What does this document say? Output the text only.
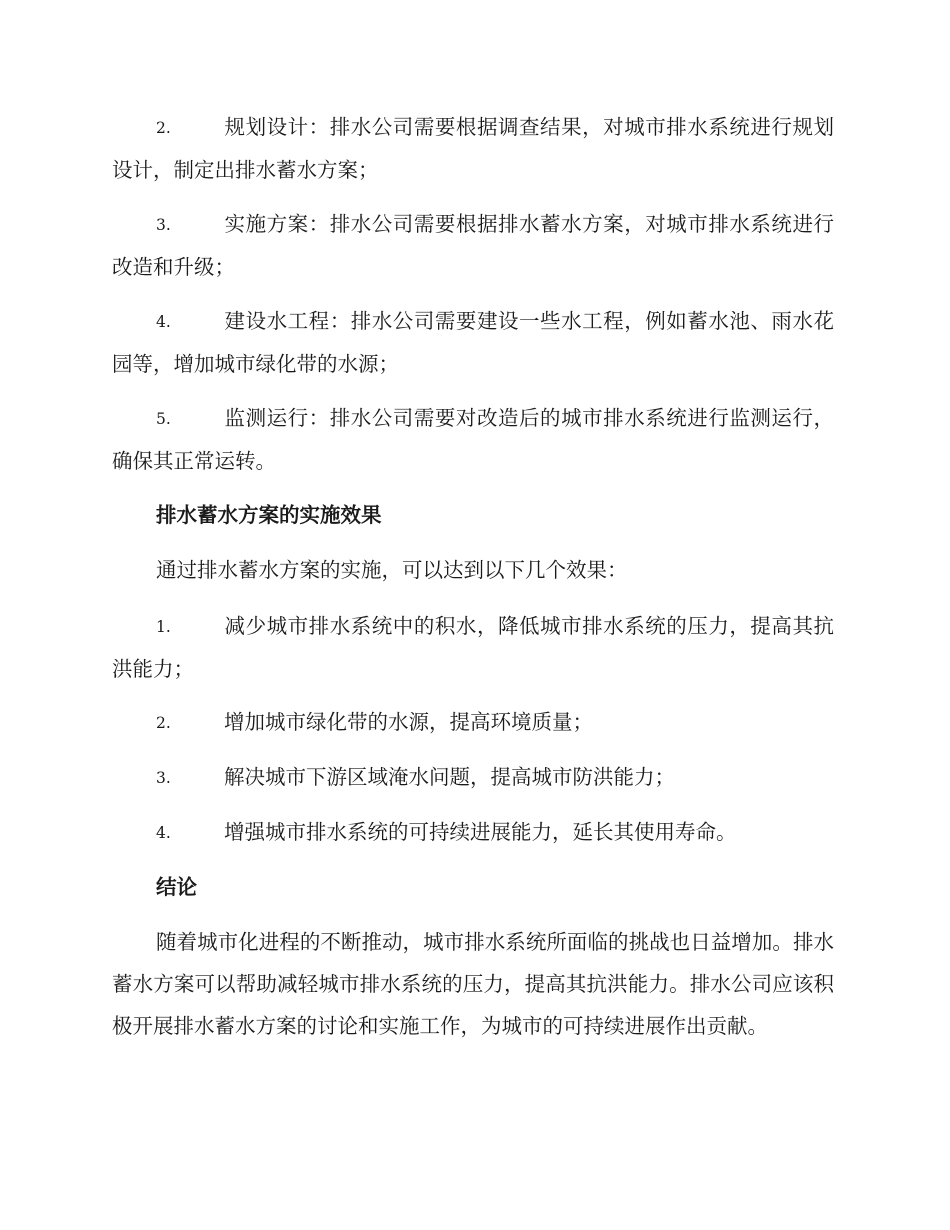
2.	规划设计：排水公司需要根据调查结果，对城市排水系统进行规划设计，制定出排水蓄水方案；
3.	实施方案：排水公司需要根据排水蓄水方案，对城市排水系统进行改造和升级；
4.	建设水工程：排水公司需要建设一些水工程，例如蓄水池、雨水花园等，增加城市绿化带的水源；
5.	监测运行：排水公司需要对改造后的城市排水系统进行监测运行，确保其正常运转。
排水蓄水方案的实施效果
通过排水蓄水方案的实施，可以达到以下几个效果：
1.	减少城市排水系统中的积水，降低城市排水系统的压力，提高其抗洪能力；
2.	增加城市绿化带的水源，提高环境质量；
3.	解决城市下游区域淹水问题，提高城市防洪能力；
4.	增强城市排水系统的可持续进展能力，延长其使用寿命。
结论
随着城市化进程的不断推动，城市排水系统所面临的挑战也日益增加。排水蓄水方案可以帮助减轻城市排水系统的压力，提高其抗洪能力。排水公司应该积极开展排水蓄水方案的讨论和实施工作，为城市的可持续进展作出贡献。
